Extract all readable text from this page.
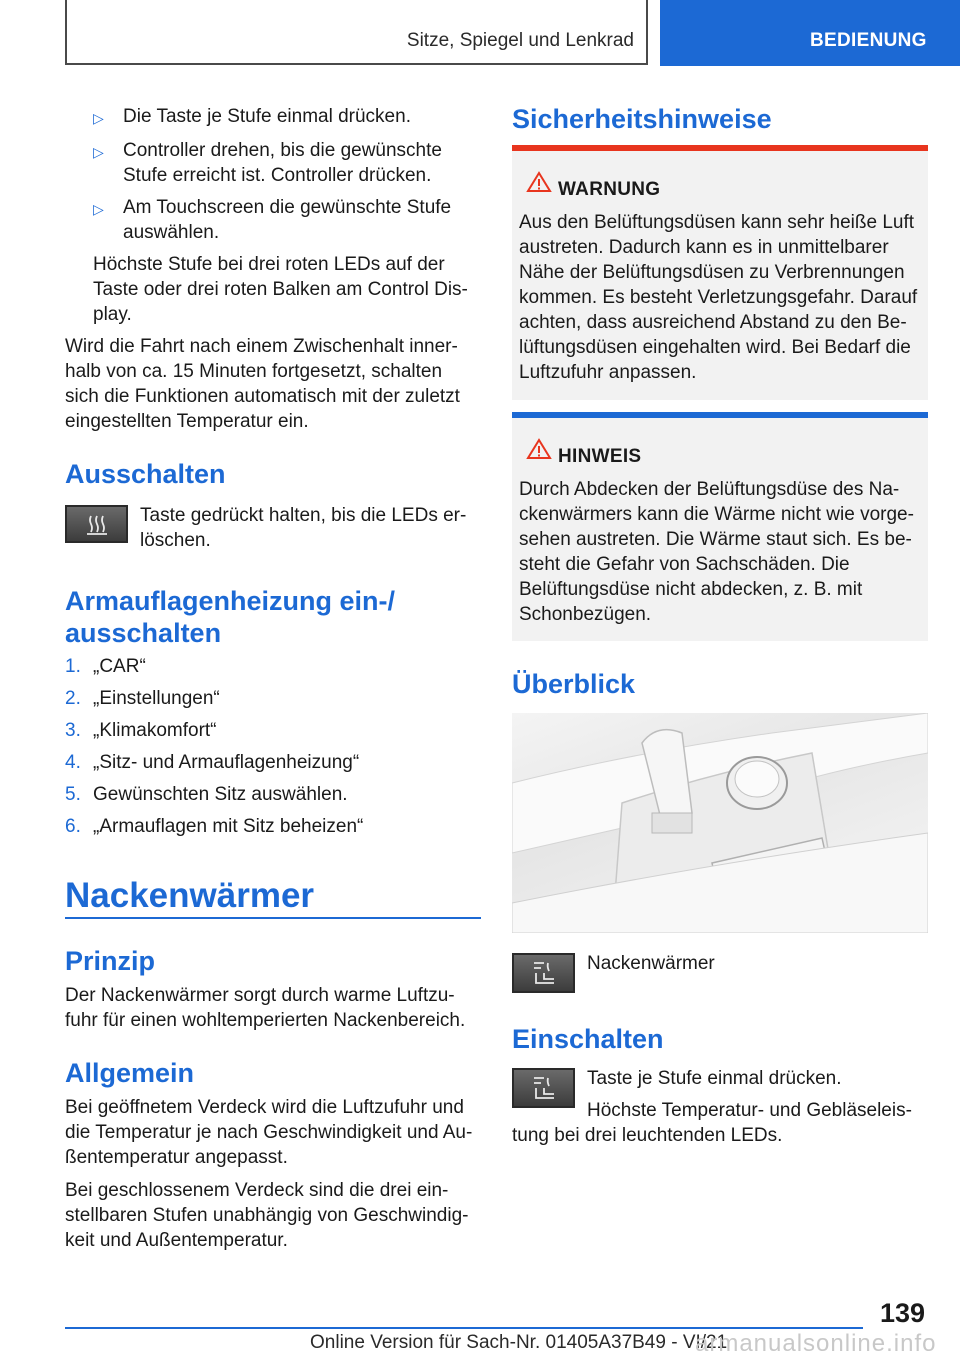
Sitze, Spiegel und Lenkrad	BEDIENUNG
▷ Die Taste je Stufe einmal drücken.
▷ Controller drehen, bis die gewünschte
Stufe erreicht ist. Controller drücken.
▷ Am Touchscreen die gewünschte Stufe
auswählen.
Höchste Stufe bei drei roten LEDs auf der
Taste oder drei roten Balken am Control Dis-
play.
Wird die Fahrt nach einem Zwischenhalt inner-
halb von ca. 15 Minuten fortgesetzt, schalten
sich die Funktionen automatisch mit der zuletzt
eingestellten Temperatur ein.
Ausschalten
Taste gedrückt halten, bis die LEDs er-
löschen.
Armauflagenheizung ein-/
ausschalten
1. „CAR“
2. „Einstellungen“
3. „Klimakomfort“
4. „Sitz- und Armauflagenheizung“
5. Gewünschten Sitz auswählen.
6. „Armauflagen mit Sitz beheizen“
Nackenwärmer
Prinzip
Der Nackenwärmer sorgt durch warme Luftzu-
fuhr für einen wohltemperierten Nackenbereich.
Allgemein
Bei geöffnetem Verdeck wird die Luftzufuhr und
die Temperatur je nach Geschwindigkeit und Au-
ßentemperatur angepasst.
Bei geschlossenem Verdeck sind die drei ein-
stellbaren Stufen unabhängig von Geschwindig-
keit und Außentemperatur.
Sicherheitshinweise
WARNUNG
Aus den Belüftungsdüsen kann sehr heiße Luft
austreten. Dadurch kann es in unmittelbarer
Nähe der Belüftungsdüsen zu Verbrennungen
kommen. Es besteht Verletzungsgefahr. Darauf
achten, dass ausreichend Abstand zu den Be-
lüftungsdüsen eingehalten wird. Bei Bedarf die
Luftzufuhr anpassen.
HINWEIS
Durch Abdecken der Belüftungsdüse des Na-
ckenwärmers kann die Wärme nicht wie vorge-
sehen austreten. Die Wärme staut sich. Es be-
steht die Gefahr von Sachschäden. Die
Belüftungsdüse nicht abdecken, z. B. mit
Schonbezügen.
Überblick
Nackenwärmer
Einschalten
Taste je Stufe einmal drücken.
Höchste Temperatur- und Gebläseleis-
tung bei drei leuchtenden LEDs.
139
Online Version für Sach-Nr. 01405A37B49 - VI/21
armanualsonline.info
